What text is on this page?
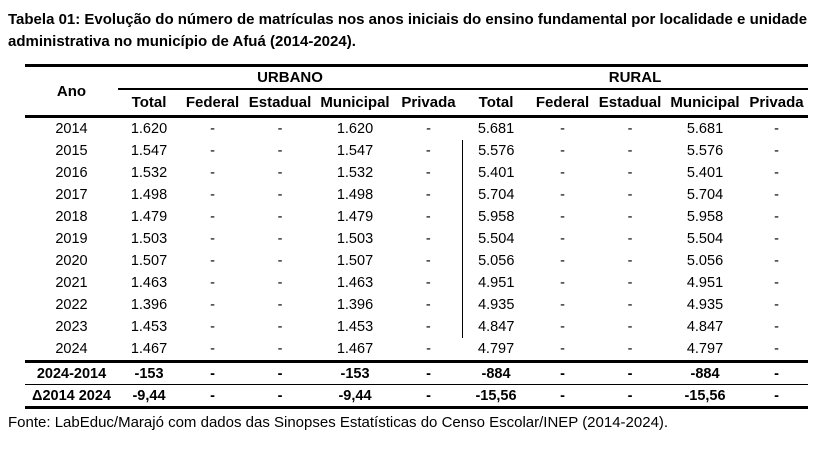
Tabela 01: Evolução do número de matrículas nos anos iniciais do ensino fundamental por localidade e unidade administrativa no município de Afuá (2014-2024).

Ano	URBANO					RURAL				
	Total	Federal	Estadual	Municipal	Privada	Total	Federal	Estadual	Municipal	Privada
2014	1.620	-	-	1.620	-	5.681	-	-	5.681	-
2015	1.547	-	-	1.547	-	5.576	-	-	5.576	-
2016	1.532	-	-	1.532	-	5.401	-	-	5.401	-
2017	1.498	-	-	1.498	-	5.704	-	-	5.704	-
2018	1.479	-	-	1.479	-	5.958	-	-	5.958	-
2019	1.503	-	-	1.503	-	5.504	-	-	5.504	-
2020	1.507	-	-	1.507	-	5.056	-	-	5.056	-
2021	1.463	-	-	1.463	-	4.951	-	-	4.951	-
2022	1.396	-	-	1.396	-	4.935	-	-	4.935	-
2023	1.453	-	-	1.453	-	4.847	-	-	4.847	-
2024	1.467	-	-	1.467	-	4.797	-	-	4.797	-
2024-2014	-153	-	-	-153	-	-884	-	-	-884	-
Δ2014 2024	-9,44	-	-	-9,44	-	-15,56	-	-	-15,56	-

Fonte: LabEduc/Marajó com dados das Sinopses Estatísticas do Censo Escolar/INEP (2014-2024).
